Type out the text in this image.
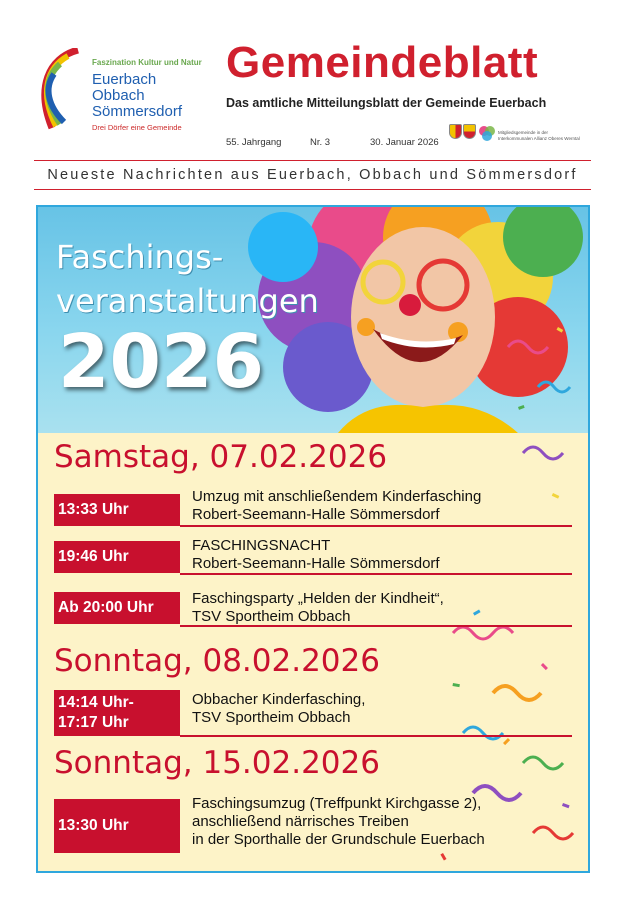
Faszination Kultur und Natur
Euerbach
Obbach
Sömmersdorf
Drei Dörfer eine Gemeinde
Gemeindeblatt
Das amtliche Mitteilungsblatt der Gemeinde Euerbach
55. Jahrgang	Nr. 3	30. Januar 2026
Mitgliedsgemeinde in der
Interkommunalen Allianz Oberes Werntal
Neueste Nachrichten aus Euerbach, Obbach und Sömmersdorf
Faschings-
veranstaltungen
2026
Samstag, 07.02.2026
13:33 Uhr
Umzug mit anschließendem Kinderfasching
Robert-Seemann-Halle Sömmersdorf
19:46 Uhr
FASCHINGSNACHT
Robert-Seemann-Halle Sömmersdorf
Ab 20:00 Uhr
Faschingsparty „Helden der Kindheit“,
TSV Sportheim Obbach
Sonntag, 08.02.2026
14:14 Uhr-
17:17 Uhr
Obbacher Kinderfasching,
TSV Sportheim Obbach
Sonntag, 15.02.2026
13:30 Uhr
Faschingsumzug (Treffpunkt Kirchgasse 2),
anschließend närrisches Treiben
in der Sporthalle der Grundschule Euerbach
